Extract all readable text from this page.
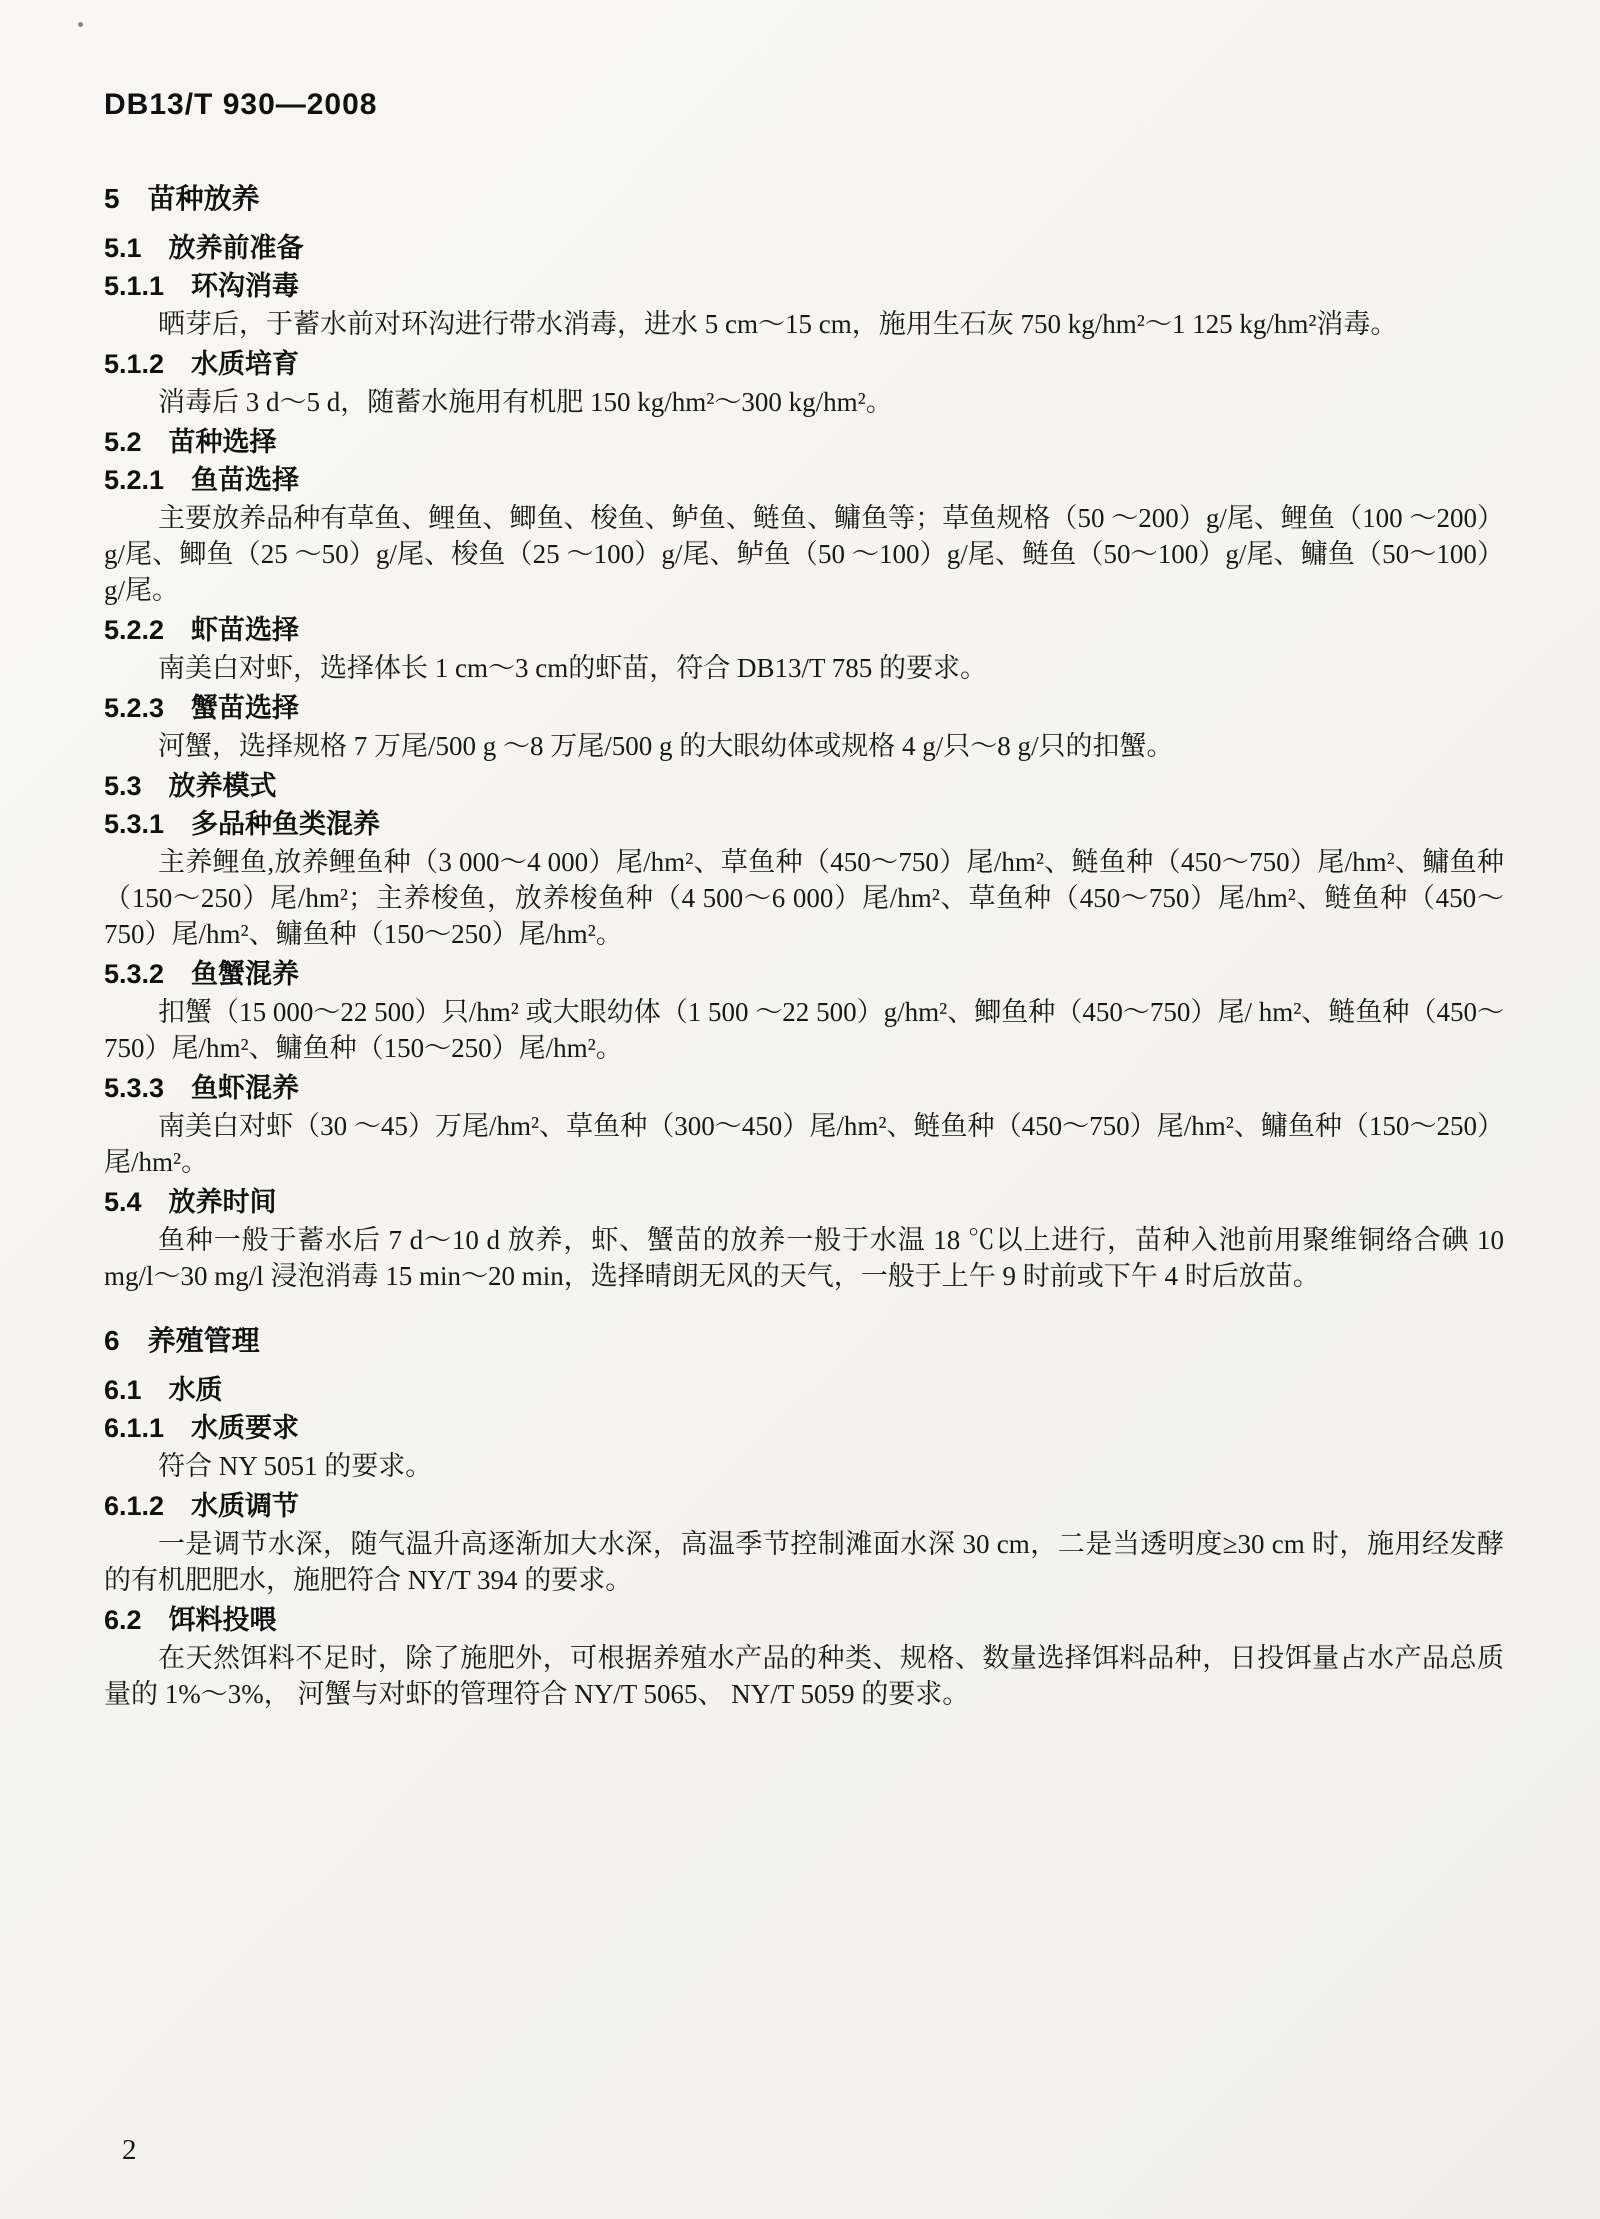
DB13/T 930—2008
5　苗种放养
5.1　放养前准备
5.1.1　环沟消毒
晒芽后，于蓄水前对环沟进行带水消毒，进水 5 cm～15 cm，施用生石灰 750 kg/hm²～1 125 kg/hm²消毒。
5.1.2　水质培育
消毒后 3 d～5 d，随蓄水施用有机肥 150 kg/hm²～300 kg/hm²。
5.2　苗种选择
5.2.1　鱼苗选择
主要放养品种有草鱼、鲤鱼、鲫鱼、梭鱼、鲈鱼、鲢鱼、鳙鱼等；草鱼规格（50 ～200）g/尾、鲤鱼（100 ～200）g/尾、鲫鱼（25 ～50）g/尾、梭鱼（25 ～100）g/尾、鲈鱼（50 ～100）g/尾、鲢鱼（50～100）g/尾、鳙鱼（50～100）g/尾。
5.2.2　虾苗选择
南美白对虾，选择体长 1 cm～3 cm的虾苗，符合 DB13/T 785 的要求。
5.2.3　蟹苗选择
河蟹，选择规格 7 万尾/500 g ～8 万尾/500 g 的大眼幼体或规格 4 g/只～8 g/只的扣蟹。
5.3　放养模式
5.3.1　多品种鱼类混养
主养鲤鱼,放养鲤鱼种（3 000～4 000）尾/hm²、草鱼种（450～750）尾/hm²、鲢鱼种（450～750）尾/hm²、鳙鱼种（150～250）尾/hm²；主养梭鱼，放养梭鱼种（4 500～6 000）尾/hm²、草鱼种（450～750）尾/hm²、鲢鱼种（450～750）尾/hm²、鳙鱼种（150～250）尾/hm²。
5.3.2　鱼蟹混养
扣蟹（15 000～22 500）只/hm² 或大眼幼体（1 500 ～22 500）g/hm²、鲫鱼种（450～750）尾/ hm²、鲢鱼种（450～750）尾/hm²、鳙鱼种（150～250）尾/hm²。
5.3.3　鱼虾混养
南美白对虾（30 ～45）万尾/hm²、草鱼种（300～450）尾/hm²、鲢鱼种（450～750）尾/hm²、鳙鱼种（150～250）尾/hm²。
5.4　放养时间
鱼种一般于蓄水后 7 d～10 d 放养，虾、蟹苗的放养一般于水温 18 ℃以上进行，苗种入池前用聚维铜络合碘 10 mg/l～30 mg/l 浸泡消毒 15 min～20 min，选择晴朗无风的天气，一般于上午 9 时前或下午 4 时后放苗。
6　养殖管理
6.1　水质
6.1.1　水质要求
符合 NY 5051 的要求。
6.1.2　水质调节
一是调节水深，随气温升高逐渐加大水深，高温季节控制滩面水深 30 cm，二是当透明度≥30 cm 时，施用经发酵的有机肥肥水，施肥符合 NY/T 394 的要求。
6.2　饵料投喂
在天然饵料不足时，除了施肥外，可根据养殖水产品的种类、规格、数量选择饵料品种，日投饵量占水产品总质量的 1%～3%， 河蟹与对虾的管理符合 NY/T 5065、 NY/T 5059 的要求。
2
